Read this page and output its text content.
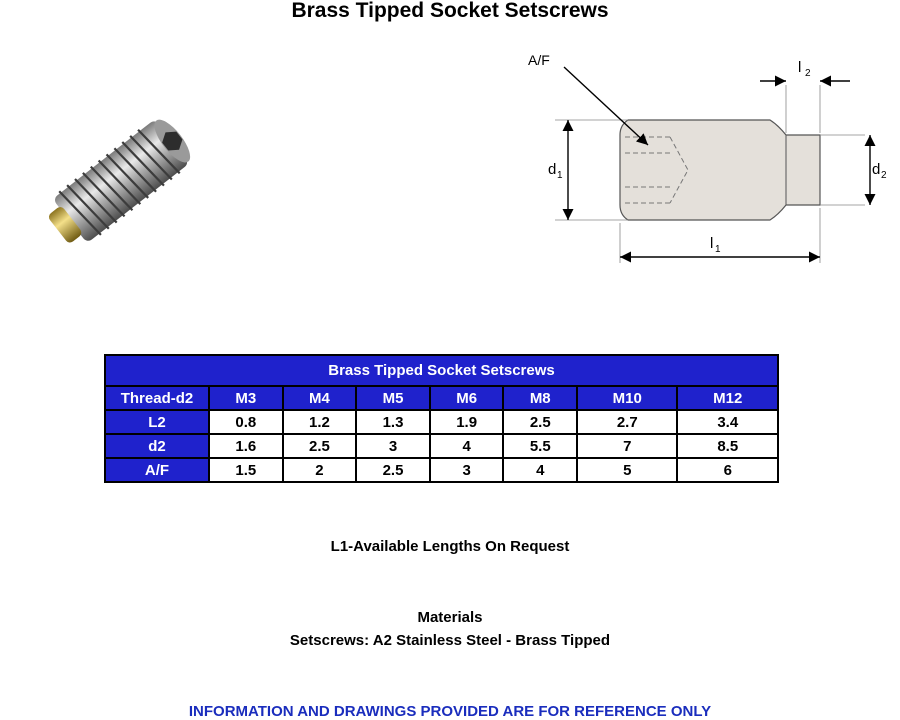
Brass Tipped Socket Setscrews
A/F	l 2
d 1	d 2
l 1
Brass Tipped Socket Setscrews							
Thread-d2	M3	M4	M5	M6	M8	M10	M12
L2	0.8	1.2	1.3	1.9	2.5	2.7	3.4
d2	1.6	2.5	3	4	5.5	7	8.5
A/F	1.5	2	2.5	3	4	5	6
L1-Available Lengths On Request
Materials
Setscrews: A2 Stainless Steel - Brass Tipped
INFORMATION AND DRAWINGS PROVIDED ARE FOR REFERENCE ONLY
